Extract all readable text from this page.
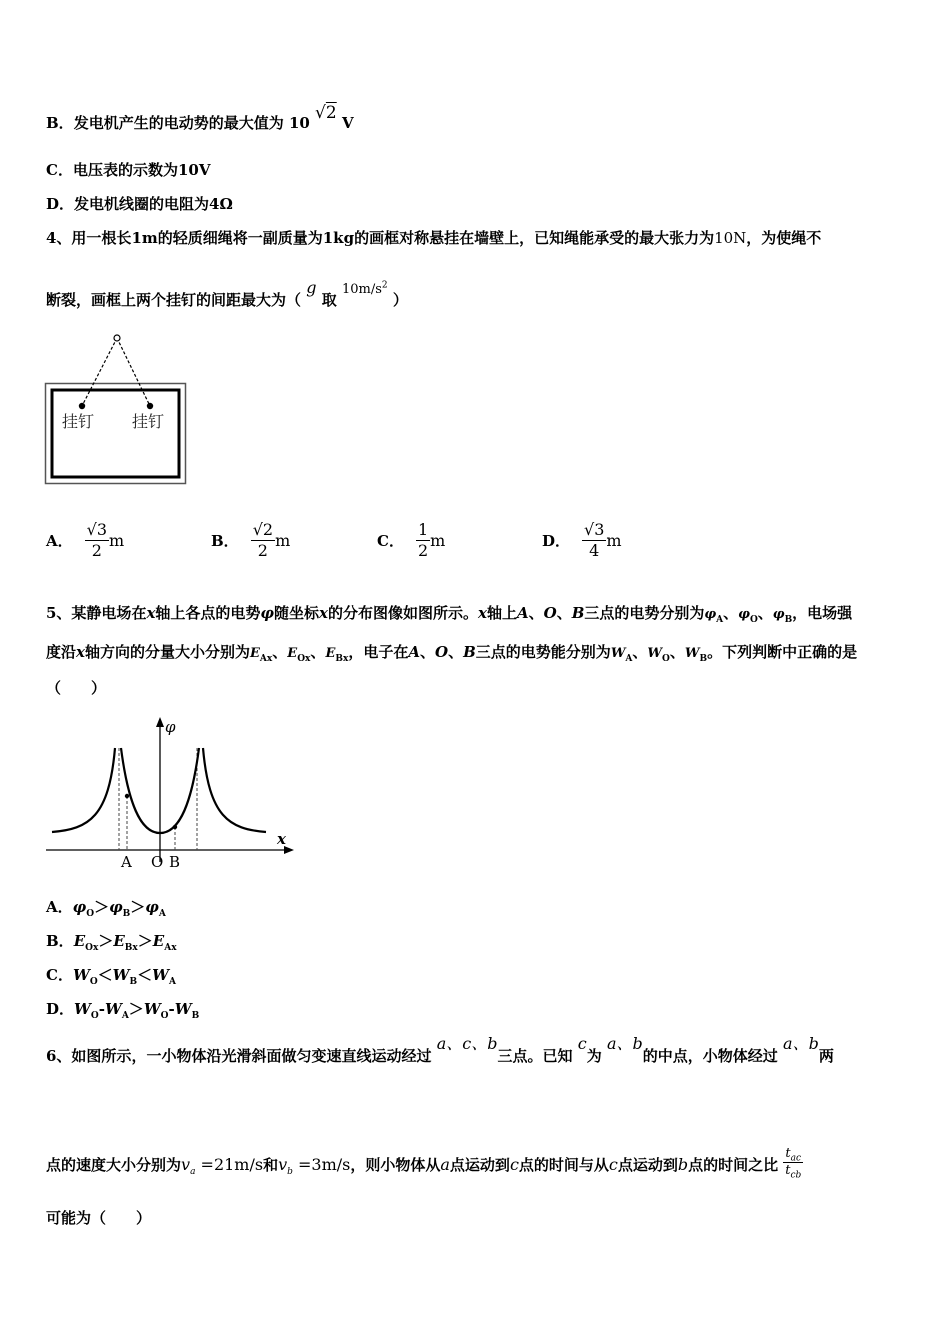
B．发电机产生的电动势的最大值为 10 √2 V
C．电压表的示数为10V
D．发电机线圈的电阻为4Ω
4、用一根长1m的轻质细绳将一副质量为1kg的画框对称悬挂在墙壁上，已知绳能承受的最大张力为10N，为使绳不
断裂，画框上两个挂钉的间距最大为（ g 取 $10m/s^2$ ）
挂钉 挂钉
A． $\frac{√3}{2}$ m	B． $\frac{√2}{2}$ m	C． $\frac{1}{2}$ m	D． $\frac{√3}{4}$ m
5、某静电场在x轴上各点的电势φ随坐标x的分布图像如图所示。x轴上A、O、B三点的电势分别为$\varphi_A$、$\varphi_O$、$\varphi_B$，电场强
度沿x轴方向的分量大小分别为$E_{Ax}$、$E_{Ox}$、$E_{Bx}$，电子在A、O、B三点的电势能分别为$W_A$、$W_O$、$W_B$。下列判断中正确的是
（　　）
φ
x
A O B
A．$\varphi_O>\varphi_B>\varphi_A$
B．$E_{Ox}>E_{Bx}>E_{Ax}$
C．$W_O<W_B<W_A$
D．$W_O-W_A>W_O-W_B$
6、如图所示，一小物体沿光滑斜面做匀变速直线运动经过 a、c、b三点。已知 c为 a、b的中点，小物体经过 a、b两
点的速度大小分别为$v_a =21m/s$和$v_b =3m/s$，则小物体从a点运动到c点的时间与从c点运动到b点的时间之比 $\frac{t_{ac}}{t_{cb}}$
可能为（　　）
